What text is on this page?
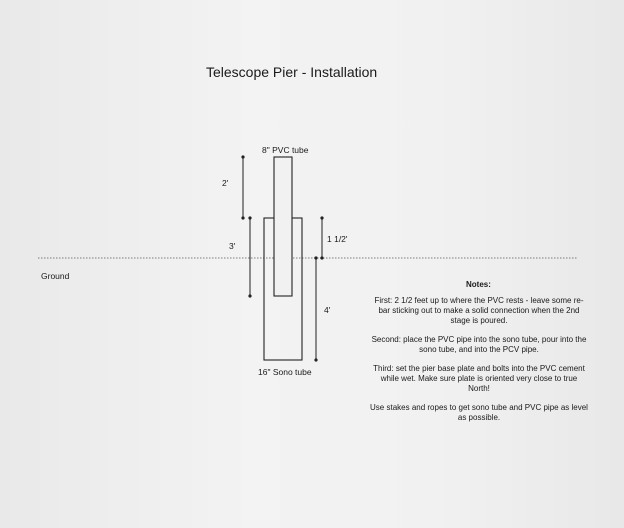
Telescope Pier - Installation
8" PVC tube
16" Sono tube
Ground
2'
3'
1 1/2'
4'
Notes:

First: 2 1/2 feet up to where the PVC rests - leave some re-bar sticking out to make a solid connection when the 2nd stage is poured.

Second: place the PVC pipe into the sono tube, pour into the sono tube, and into the PCV pipe.

Third: set the pier base plate and bolts into the PVC cement while wet. Make sure plate is oriented very close to true North!

Use stakes and ropes to get sono tube and PVC pipe as level as possible.
